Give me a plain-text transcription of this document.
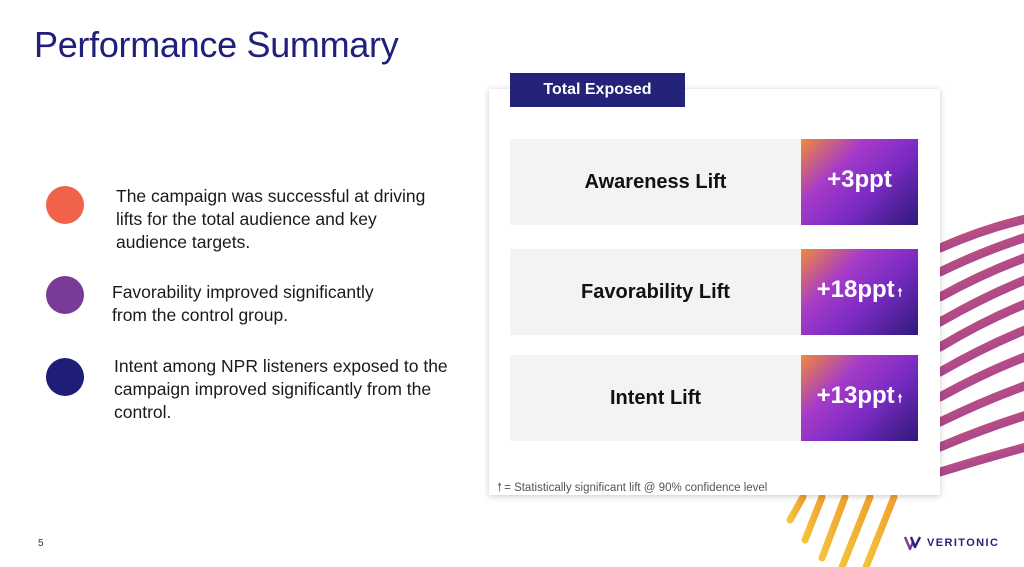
Performance Summary
The campaign was successful at driving lifts for the total audience and key audience targets.
Favorability improved significantly from the control group.
Intent among NPR listeners exposed to the campaign improved significantly from the control.
Total Exposed
Awareness Lift	+3ppt
Favorability Lift	+18ppt 🠕
Intent Lift	+13ppt 🠕
🠕 = Statistically significant lift @ 90% confidence level
5	VERITONIC
